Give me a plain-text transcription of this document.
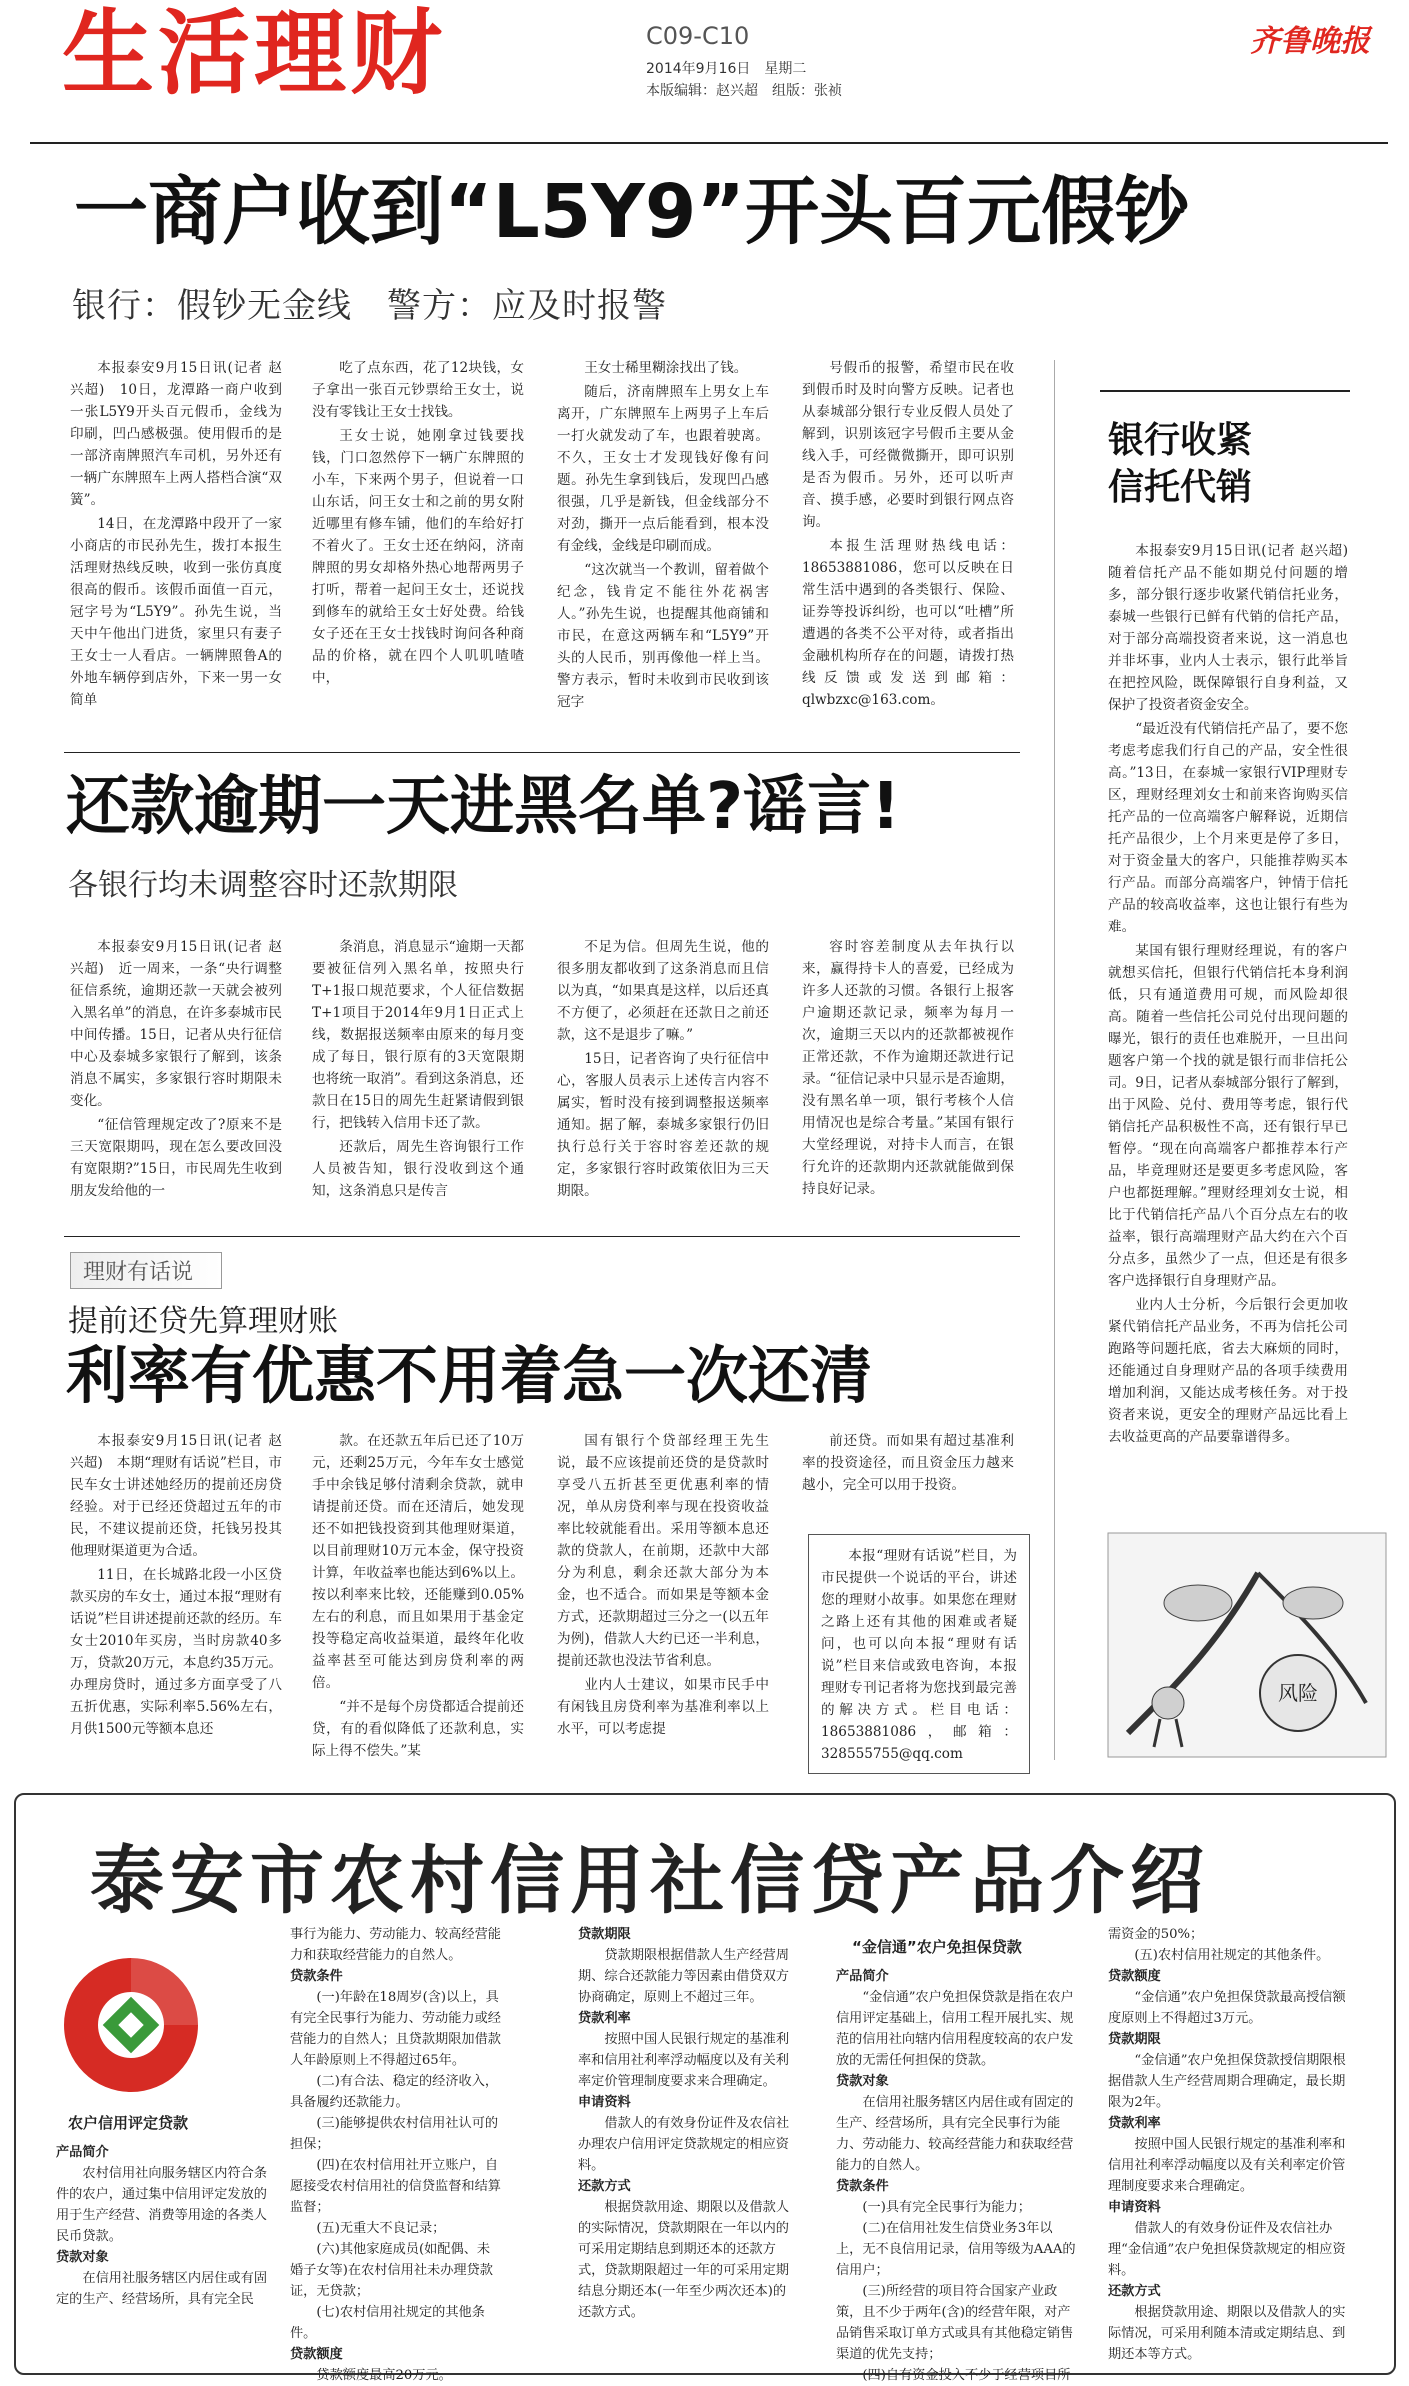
生活理财	C09-C10
2014年9月16日　星期二
本版编辑：赵兴超　组版：张祯
齐鲁晚报
一商户收到“L5Y9”开头百元假钞
银行：假钞无金线　警方：应及时报警

本报泰安9月15日讯(记者 赵兴超)　10日，龙潭路一商户收到一张L5Y9开头百元假币，金线为印刷，凹凸感极强。使用假币的是一部济南牌照汽车司机，另外还有一辆广东牌照车上两人搭档合演“双簧”。

14日，在龙潭路中段开了一家小商店的市民孙先生，拨打本报生活理财热线反映，收到一张仿真度很高的假币。该假币面值一百元，冠字号为“L5Y9”。孙先生说，当天中午他出门进货，家里只有妻子王女士一人看店。一辆牌照鲁A的外地车辆停到店外，下来一男一女简单

吃了点东西，花了12块钱，女子拿出一张百元钞票给王女士，说没有零钱让王女士找钱。

王女士说，她刚拿过钱要找钱，门口忽然停下一辆广东牌照的小车，下来两个男子，但说着一口山东话，问王女士和之前的男女附近哪里有修车铺，他们的车给好打不着火了。王女士还在纳闷，济南牌照的男女却格外热心地帮两男子打听，帮着一起问王女士，还说找到修车的就给王女士好处费。给钱女子还在王女士找钱时询问各种商品的价格，就在四个人叽叽喳喳中，

王女士稀里糊涂找出了钱。

随后，济南牌照车上男女上车离开，广东牌照车上两男子上车后一打火就发动了车，也跟着驶离。不久，王女士才发现钱好像有问题。孙先生拿到钱后，发现凹凸感很强，几乎是新钱，但金线部分不对劲，撕开一点后能看到，根本没有金线，金线是印刷而成。

“这次就当一个教训，留着做个纪念，钱肯定不能往外花祸害人。”孙先生说，也提醒其他商铺和市民，在意这两辆车和“L5Y9”开头的人民币，别再像他一样上当。警方表示，暂时未收到市民收到该冠字

号假币的报警，希望市民在收到假币时及时向警方反映。记者也从泰城部分银行专业反假人员处了解到，识别该冠字号假币主要从金线入手，可经微微撕开，即可识别是否为假币。另外，还可以听声音、摸手感，必要时到银行网点咨询。

本报生活理财热线电话：18653881086，您可以反映在日常生活中遇到的各类银行、保险、证券等投诉纠纷，也可以“吐槽”所遭遇的各类不公平对待，或者指出金融机构所存在的问题，请拨打热线反馈或发送到邮箱：qlwbzxc@163.com。

还款逾期一天进黑名单?谣言!
各银行均未调整容时还款期限

本报泰安9月15日讯(记者 赵兴超)　近一周来，一条“央行调整征信系统，逾期还款一天就会被列入黑名单”的消息，在许多泰城市民中间传播。15日，记者从央行征信中心及泰城多家银行了解到，该条消息不属实，多家银行容时期限未变化。

“征信管理规定改了?原来不是三天宽限期吗，现在怎么要改回没有宽限期?”15日，市民周先生收到朋友发给他的一

条消息，消息显示“逾期一天都要被征信列入黑名单，按照央行T+1报口规范要求，个人征信数据T+1项目于2014年9月1日正式上线，数据报送频率由原来的每月变成了每日，银行原有的3天宽限期也将统一取消”。看到这条消息，还款日在15日的周先生赶紧请假到银行，把钱转入信用卡还了款。

还款后，周先生咨询银行工作人员被告知，银行没收到这个通知，这条消息只是传言

不足为信。但周先生说，他的很多朋友都收到了这条消息而且信以为真，“如果真是这样，以后还真不方便了，必须赶在还款日之前还款，这不是退步了嘛。”

15日，记者咨询了央行征信中心，客服人员表示上述传言内容不属实，暂时没有接到调整报送频率通知。据了解，泰城多家银行仍旧执行总行关于容时容差还款的规定，多家银行容时政策依旧为三天期限。

容时容差制度从去年执行以来，赢得持卡人的喜爱，已经成为许多人还款的习惯。各银行上报客户逾期还款记录，频率为每月一次，逾期三天以内的还款都被视作正常还款，不作为逾期还款进行记录。“征信记录中只显示是否逾期，没有黑名单一项，银行考核个人信用情况也是综合考量。”某国有银行大堂经理说，对持卡人而言，在银行允许的还款期内还款就能做到保持良好记录。

理财有话说
提前还贷先算理财账
利率有优惠不用着急一次还清

本报泰安9月15日讯(记者 赵兴超)　本期“理财有话说”栏目，市民车女士讲述她经历的提前还房贷经验。对于已经还贷超过五年的市民，不建议提前还贷，托钱另投其他理财渠道更为合适。

11日，在长城路北段一小区贷款买房的车女士，通过本报“理财有话说”栏目讲述提前还款的经历。车女士2010年买房，当时房款40多万，贷款20万元，本息约35万元。办理房贷时，通过多方面享受了八五折优惠，实际利率5.56%左右，月供1500元等额本息还

款。在还款五年后已还了10万元，还剩25万元，今年车女士感觉手中余钱足够付清剩余贷款，就申请提前还贷。而在还清后，她发现还不如把钱投资到其他理财渠道，以目前理财10万元本金，保守投资计算，年收益率也能达到6%以上。按以利率来比较，还能赚到0.05%左右的利息，而且如果用于基金定投等稳定高收益渠道，最终年化收益率甚至可能达到房贷利率的两倍。

“并不是每个房贷都适合提前还贷，有的看似降低了还款利息，实际上得不偿失。”某

国有银行个贷部经理王先生说，最不应该提前还贷的是贷款时享受八五折甚至更优惠利率的情况，单从房贷利率与现在投资收益率比较就能看出。采用等额本息还款的贷款人，在前期，还款中大部分为利息，剩余还款大部分为本金，也不适合。而如果是等额本金方式，还款期超过三分之一(以五年为例)，借款人大约已还一半利息，提前还款也没法节省利息。

业内人士建议，如果市民手中有闲钱且房贷利率为基准利率以上水平，可以考虑提

前还贷。而如果有超过基准利率的投资途径，而且资金压力越来越小，完全可以用于投资。

本报“理财有话说”栏目，为市民提供一个说话的平台，讲述您的理财小故事。如果您在理财之路上还有其他的困难或者疑问，也可以向本报“理财有话说”栏目来信或致电咨询，本报理财专刊记者将为您找到最完善的解决方式。栏目电话：18653881086，邮箱：328555755@qq.com

银行收紧
信托代销

本报泰安9月15日讯(记者 赵兴超)　随着信托产品不能如期兑付问题的增多，部分银行逐步收紧代销信托业务，泰城一些银行已鲜有代销的信托产品，对于部分高端投资者来说，这一消息也并非坏事，业内人士表示，银行此举旨在把控风险，既保障银行自身利益，又保护了投资者资金安全。

“最近没有代销信托产品了，要不您考虑考虑我们行自己的产品，安全性很高。”13日，在泰城一家银行VIP理财专区，理财经理刘女士和前来咨询购买信托产品的一位高端客户解释说，近期信托产品很少，上个月来更是停了多日，对于资金量大的客户，只能推荐购买本行产品。而部分高端客户，钟情于信托产品的较高收益率，这也让银行有些为难。

某国有银行理财经理说，有的客户就想买信托，但银行代销信托本身利润低，只有通道费用可规，而风险却很高。随着一些信托公司兑付出现问题的曝光，银行的责任也难脱开，一旦出问题客户第一个找的就是银行而非信托公司。9日，记者从泰城部分银行了解到，出于风险、兑付、费用等考虑，银行代销信托产品积极性不高，还有银行早已暂停。“现在向高端客户都推荐本行产品，毕竟理财还是要更多考虑风险，客户也都挺理解。”理财经理刘女士说，相比于代销信托产品八个百分点左右的收益率，银行高端理财产品大约在六个百分点多，虽然少了一点，但还是有很多客户选择银行自身理财产品。

业内人士分析，今后银行会更加收紧代销信托产品业务，不再为信托公司跑路等问题托底，省去大麻烦的同时，还能通过自身理财产品的各项手续费用增加利润，又能达成考核任务。对于投资者来说，更安全的理财产品远比看上去收益更高的产品要靠谱得多。

风险
泰安市农村信用社信贷产品介绍
农户信用评定贷款
产品简介
农村信用社向服务辖区内符合条件的农户，通过集中信用评定发放的用于生产经营、消费等用途的各类人民币贷款。
贷款对象
在信用社服务辖区内居住或有固定的生产、经营场所，具有完全民
事行为能力、劳动能力、较高经营能力和获取经营能力的自然人。
贷款条件
(一)年龄在18周岁(含)以上，具有完全民事行为能力、劳动能力或经营能力的自然人；且贷款期限加借款人年龄原则上不得超过65年。
(二)有合法、稳定的经济收入，具备履约还款能力。
(三)能够提供农村信用社认可的担保；
(四)在农村信用社开立账户，自愿接受农村信用社的信贷监督和结算监督；
(五)无重大不良记录；
(六)其他家庭成员(如配偶、未婚子女等)在农村信用社未办理贷款证，无贷款；
(七)农村信用社规定的其他条件。
贷款额度
贷款额度最高20万元。
贷款期限
贷款期限根据借款人生产经营周期、综合还款能力等因素由借贷双方协商确定，原则上不超过三年。
贷款利率
按照中国人民银行规定的基准利率和信用社利率浮动幅度以及有关利率定价管理制度要求来合理确定。
申请资料
借款人的有效身份证件及农信社办理农户信用评定贷款规定的相应资料。
还款方式
根据贷款用途、期限以及借款人的实际情况，贷款期限在一年以内的可采用定期结息到期还本的还款方式，贷款期限超过一年的可采用定期结息分期还本(一年至少两次还本)的还款方式。
“金信通”农户免担保贷款
产品简介
“金信通”农户免担保贷款是指在农户信用评定基础上，信用工程开展扎实、规范的信用社向辖内信用程度较高的农户发放的无需任何担保的贷款。
贷款对象
在信用社服务辖区内居住或有固定的生产、经营场所，具有完全民事行为能力、劳动能力、较高经营能力和获取经营能力的自然人。
贷款条件
(一)具有完全民事行为能力；
(二)在信用社发生信贷业务3年以上，无不良信用记录，信用等级为AAA的信用户；
(三)所经营的项目符合国家产业政策，且不少于两年(含)的经营年限，对产品销售采取订单方式或具有其他稳定销售渠道的优先支持；
(四)自有资金投入不少于经营项目所
需资金的50%；
(五)农村信用社规定的其他条件。
贷款额度
“金信通”农户免担保贷款最高授信额度原则上不得超过3万元。
贷款期限
“金信通”农户免担保贷款授信期限根据借款人生产经营周期合理确定，最长期限为2年。
贷款利率
按照中国人民银行规定的基准利率和信用社利率浮动幅度以及有关利率定价管理制度要求来合理确定。
申请资料
借款人的有效身份证件及农信社办理“金信通”农户免担保贷款规定的相应资料。
还款方式
根据贷款用途、期限以及借款人的实际情况，可采用利随本清或定期结息、到期还本等方式。
